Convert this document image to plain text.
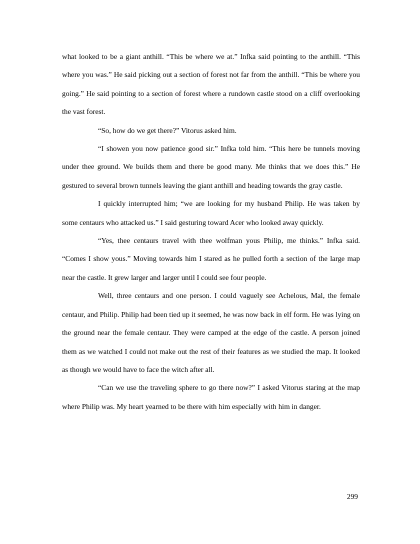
what looked to be a giant anthill. “This be where we at.” Infka said pointing to the anthill. “This where you was.” He said picking out a section of forest not far from the anthill. “This be where you going.” He said pointing to a section of forest where a rundown castle stood on a cliff overlooking the vast forest.

“So, how do we get there?” Vitorus asked him.

“I showen you now patience good sir.” Infka told him. “This here be tunnels moving under thee ground. We builds them and there be good many. Me thinks that we does this.” He gestured to several brown tunnels leaving the giant anthill and heading towards the gray castle.

I quickly interrupted him; “we are looking for my husband Philip. He was taken by some centaurs who attacked us.” I said gesturing toward Acer who looked away quickly.

“Yes, thee centaurs travel with thee wolfman yous Philip, me thinks.” Infka said. “Comes I show yous.” Moving towards him I stared as he pulled forth a section of the large map near the castle. It grew larger and larger until I could see four people.

Well, three centaurs and one person. I could vaguely see Achelous, Mal, the female centaur, and Philip. Philip had been tied up it seemed, he was now back in elf form. He was lying on the ground near the female centaur. They were camped at the edge of the castle. A person joined them as we watched I could not make out the rest of their features as we studied the map. It looked as though we would have to face the witch after all.

“Can we use the traveling sphere to go there now?” I asked Vitorus staring at the map where Philip was. My heart yearned to be there with him especially with him in danger.

299
